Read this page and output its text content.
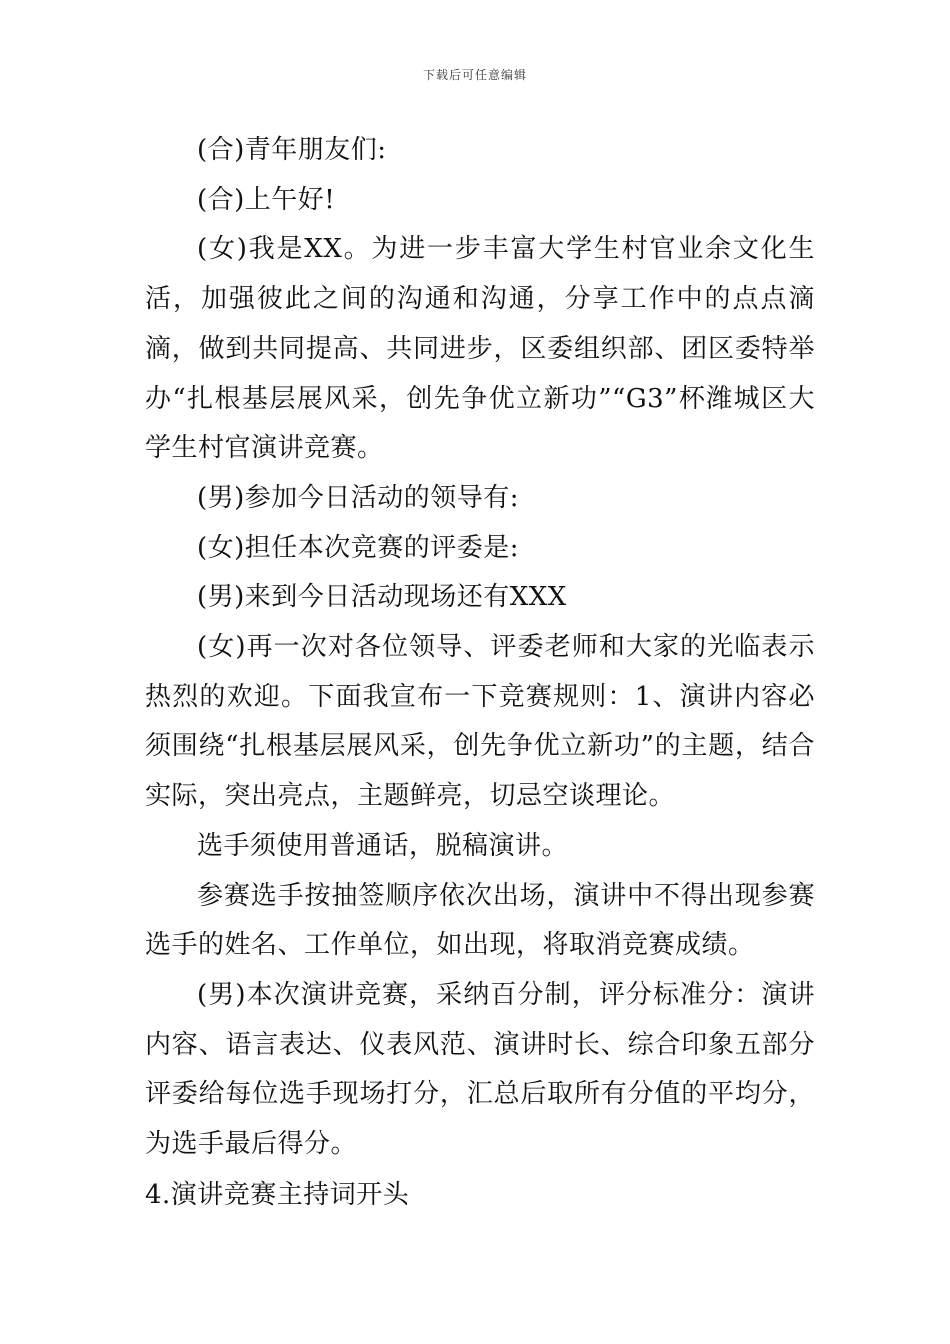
下载后可任意编辑

(合)青年朋友们:

(合)上午好!

(女)我是XX。为进一步丰富大学生村官业余文化生活，加强彼此之间的沟通和沟通，分享工作中的点点滴滴，做到共同提高、共同进步，区委组织部、团区委特举办“扎根基层展风采，创先争优立新功”“G3”杯潍城区大学生村官演讲竞赛。

(男)参加今日活动的领导有:

(女)担任本次竞赛的评委是:

(男)来到今日活动现场还有XXX

(女)再一次对各位领导、评委老师和大家的光临表示热烈的欢迎。下面我宣布一下竞赛规则：1、演讲内容必须围绕“扎根基层展风采，创先争优立新功”的主题，结合实际，突出亮点，主题鲜亮，切忌空谈理论。

选手须使用普通话，脱稿演讲。

参赛选手按抽签顺序依次出场，演讲中不得出现参赛选手的姓名、工作单位，如出现，将取消竞赛成绩。

(男)本次演讲竞赛，采纳百分制，评分标准分：演讲内容、语言表达、仪表风范、演讲时长、综合印象五部分评委给每位选手现场打分，汇总后取所有分值的平均分，为选手最后得分。

4.演讲竞赛主持词开头
